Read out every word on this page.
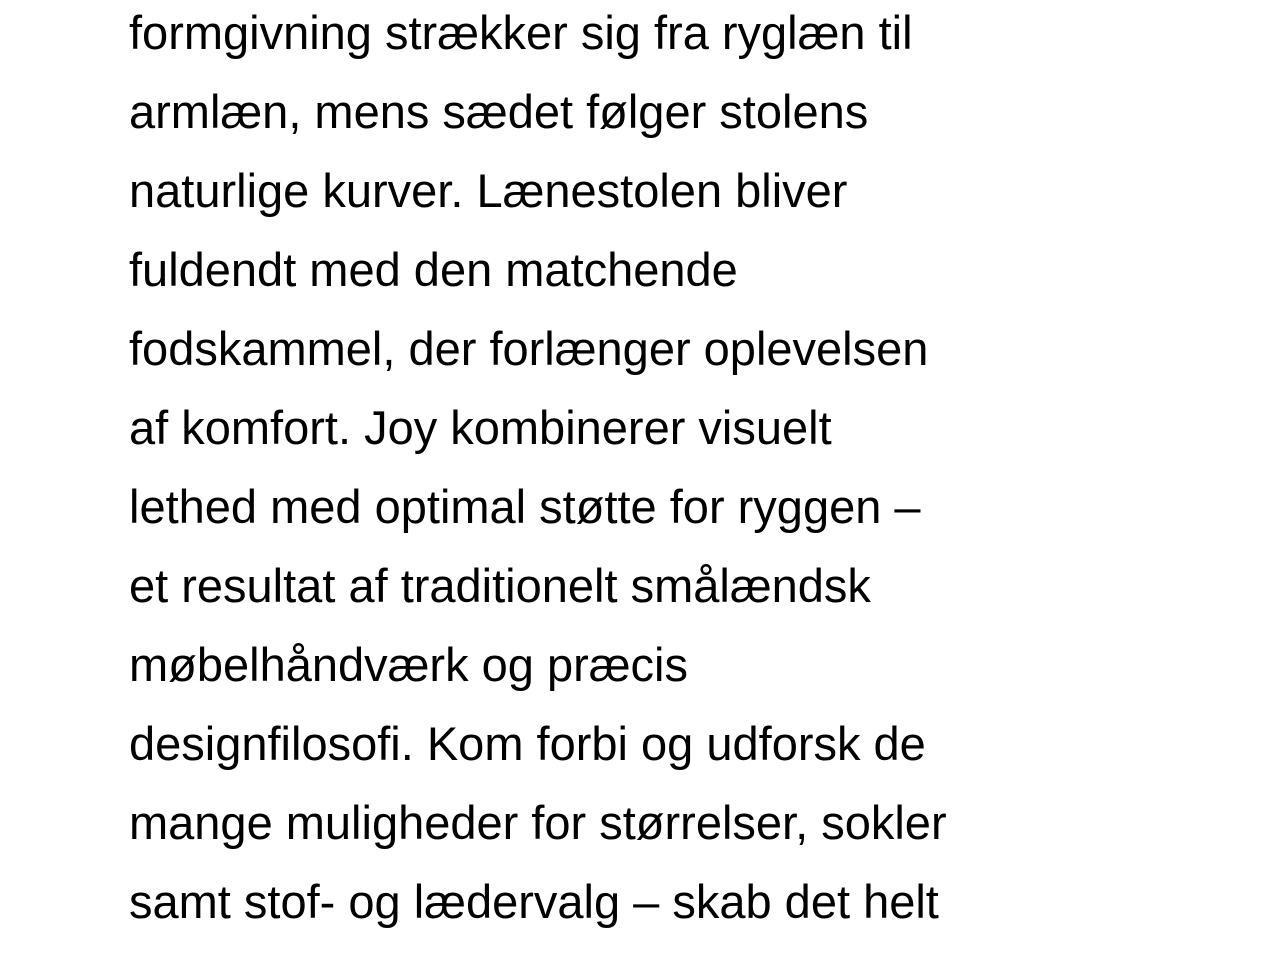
formgivning strækker sig fra ryglæn til
armlæn, mens sædet følger stolens
naturlige kurver. Lænestolen bliver
fuldendt med den matchende
fodskammel, der forlænger oplevelsen
af komfort. Joy kombinerer visuelt
lethed med optimal støtte for ryggen –
et resultat af traditionelt smålændsk
møbelhåndværk og præcis
designfilosofi. Kom forbi og udforsk de
mange muligheder for størrelser, sokler
samt stof- og lædervalg – skab det helt
